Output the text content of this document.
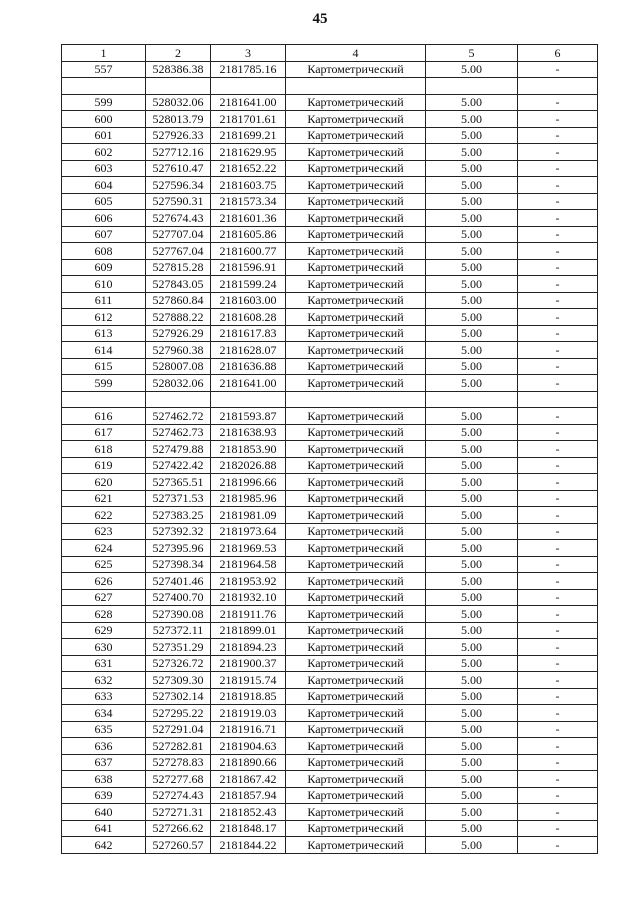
45
1	2	3	4	5	6
557	528386.38	2181785.16	Картометрический	5.00	-

599	528032.06	2181641.00	Картометрический	5.00	-
600	528013.79	2181701.61	Картометрический	5.00	-
601	527926.33	2181699.21	Картометрический	5.00	-
602	527712.16	2181629.95	Картометрический	5.00	-
603	527610.47	2181652.22	Картометрический	5.00	-
604	527596.34	2181603.75	Картометрический	5.00	-
605	527590.31	2181573.34	Картометрический	5.00	-
606	527674.43	2181601.36	Картометрический	5.00	-
607	527707.04	2181605.86	Картометрический	5.00	-
608	527767.04	2181600.77	Картометрический	5.00	-
609	527815.28	2181596.91	Картометрический	5.00	-
610	527843.05	2181599.24	Картометрический	5.00	-
611	527860.84	2181603.00	Картометрический	5.00	-
612	527888.22	2181608.28	Картометрический	5.00	-
613	527926.29	2181617.83	Картометрический	5.00	-
614	527960.38	2181628.07	Картометрический	5.00	-
615	528007.08	2181636.88	Картометрический	5.00	-
599	528032.06	2181641.00	Картометрический	5.00	-

616	527462.72	2181593.87	Картометрический	5.00	-
617	527462.73	2181638.93	Картометрический	5.00	-
618	527479.88	2181853.90	Картометрический	5.00	-
619	527422.42	2182026.88	Картометрический	5.00	-
620	527365.51	2181996.66	Картометрический	5.00	-
621	527371.53	2181985.96	Картометрический	5.00	-
622	527383.25	2181981.09	Картометрический	5.00	-
623	527392.32	2181973.64	Картометрический	5.00	-
624	527395.96	2181969.53	Картометрический	5.00	-
625	527398.34	2181964.58	Картометрический	5.00	-
626	527401.46	2181953.92	Картометрический	5.00	-
627	527400.70	2181932.10	Картометрический	5.00	-
628	527390.08	2181911.76	Картометрический	5.00	-
629	527372.11	2181899.01	Картометрический	5.00	-
630	527351.29	2181894.23	Картометрический	5.00	-
631	527326.72	2181900.37	Картометрический	5.00	-
632	527309.30	2181915.74	Картометрический	5.00	-
633	527302.14	2181918.85	Картометрический	5.00	-
634	527295.22	2181919.03	Картометрический	5.00	-
635	527291.04	2181916.71	Картометрический	5.00	-
636	527282.81	2181904.63	Картометрический	5.00	-
637	527278.83	2181890.66	Картометрический	5.00	-
638	527277.68	2181867.42	Картометрический	5.00	-
639	527274.43	2181857.94	Картометрический	5.00	-
640	527271.31	2181852.43	Картометрический	5.00	-
641	527266.62	2181848.17	Картометрический	5.00	-
642	527260.57	2181844.22	Картометрический	5.00	-
